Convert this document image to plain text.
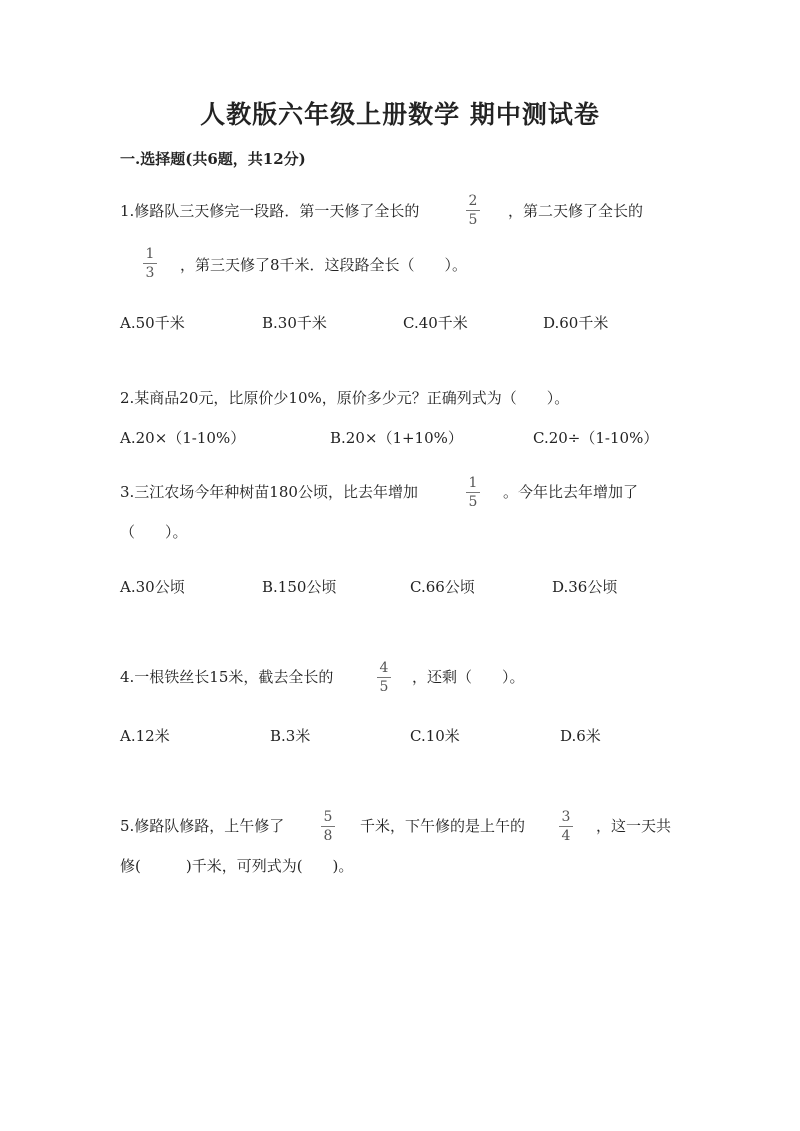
人教版六年级上册数学 期中测试卷
一.选择题(共6题，共12分)
1.修路队三天修完一段路．第一天修了全长的
2
5	，第二天修了全长的
1
3	，第三天修了8千米．这段路全长（　　）。
A.50千米	B.30千米	C.40千米	D.60千米
2.某商品20元，比原价少10%，原价多少元？正确列式为（　　）。
A.20×（1-10%）	B.20×（1+10%）	C.20÷（1-10%）
3.三江农场今年种树苗180公顷，比去年增加	1
5
。今年比去年增加了
（　　）。
A.30公顷	B.150公顷	C.66公顷	D.36公顷
4.一根铁丝长15米，截去全长的	4
5
，还剩（　　）。
A.12米	B.3米	C.10米	D.6米
5.修路队修路，上午修了	5
8
千米，下午修的是上午的	3
4
，这一天共
修(　　　)千米，可列式为(　　)。
